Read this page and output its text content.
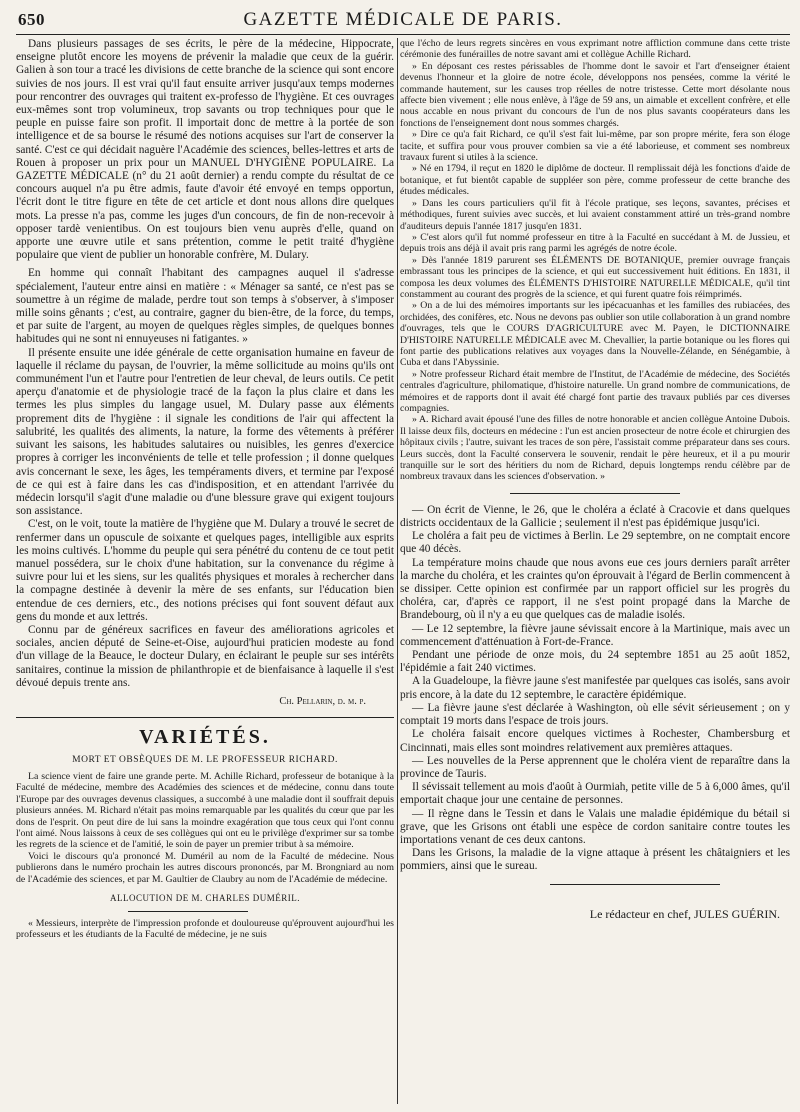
650	GAZETTE MÉDICALE DE PARIS.

Dans plusieurs passages de ses écrits, le père de la médecine, Hippocrate, enseigne plutôt encore les moyens de prévenir la maladie que ceux de la guérir. Galien à son tour a tracé les divisions de cette branche de la science qui sont encore suivies de nos jours. Il est vrai qu'il faut ensuite arriver jusqu'aux temps modernes pour rencontrer des ouvrages qui traitent ex-professo de l'hygiène. Et ces ouvrages eux-mêmes sont trop volumineux, trop savants ou trop techniques pour que le peuple en puisse faire son profit. Il importait donc de mettre à la portée de son intelligence et de sa bourse le résumé des notions acquises sur l'art de conserver la santé. C'est ce qui décidait naguère l'Académie des sciences, belles-lettres et arts de Rouen à proposer un prix pour un MANUEL D'HYGIÈNE POPULAIRE. La GAZETTE MÉDICALE (n° du 21 août dernier) a rendu compte du résultat de ce concours auquel n'a pu être admis, faute d'avoir été envoyé en temps opportun, l'écrit dont le titre figure en tête de cet article et dont nous allons dire quelques mots. La presse n'a pas, comme les juges d'un concours, de fin de non-recevoir à opposer tardè venientibus. On est toujours bien venu auprès d'elle, quand on apporte une œuvre utile et sans prétention, comme le petit traité d'hygiène populaire que vient de publier un honorable confrère, M. Dulary.

En homme qui connaît l'habitant des campagnes auquel il s'adresse spécialement, l'auteur entre ainsi en matière : « Ménager sa santé, ce n'est pas se soumettre à un régime de malade, perdre tout son temps à s'observer, à s'imposer mille soins gênants ; c'est, au contraire, gagner du bien-être, de la force, du temps, et par suite de l'argent, au moyen de quelques règles simples, de quelques bonnes habitudes qui ne sont ni ennuyeuses ni fatigantes. »

Il présente ensuite une idée générale de cette organisation humaine en faveur de laquelle il réclame du paysan, de l'ouvrier, la même sollicitude au moins qu'ils ont communément l'un et l'autre pour l'entretien de leur cheval, de leurs outils. Ce petit aperçu d'anatomie et de physiologie tracé de la façon la plus claire et dans les termes les plus simples du langage usuel, M. Dulary passe aux éléments proprement dits de l'hygiène : il signale les conditions de l'air qui affectent la salubrité, les qualités des aliments, la nature, la forme des vêtements à préférer suivant les saisons, les habitudes salutaires ou nuisibles, les genres d'exercice propres à corriger les inconvénients de telle et telle profession ; il donne quelques avis concernant le sexe, les âges, les tempéraments divers, et termine par l'exposé de ce qui est à faire dans les cas d'indisposition, et en attendant l'arrivée du médecin lorsqu'il s'agit d'une maladie ou d'une blessure grave qui exigent toujours son assistance.

C'est, on le voit, toute la matière de l'hygiène que M. Dulary a trouvé le secret de renfermer dans un opuscule de soixante et quelques pages, intelligible aux esprits les moins cultivés. L'homme du peuple qui sera pénétré du contenu de ce tout petit manuel possédera, sur le choix d'une habitation, sur la convenance du régime à suivre pour lui et les siens, sur les qualités physiques et morales à rechercher dans la compagne destinée à devenir la mère de ses enfants, sur l'éducation bien entendue de ces derniers, etc., des notions précises qui font souvent défaut aux gens du monde et aux lettrés.

Connu par de généreux sacrifices en faveur des améliorations agricoles et sociales, ancien député de Seine-et-Oise, aujourd'hui praticien modeste au fond d'un village de la Beauce, le docteur Dulary, en éclairant le peuple sur ses intérêts sanitaires, continue la mission de philanthropie et de bienfaisance à laquelle il s'est dévoué depuis trente ans.

Ch. Pellarin, d. m. p.
VARIÉTÉS.
MORT ET OBSÈQUES DE M. LE PROFESSEUR RICHARD.

La science vient de faire une grande perte. M. Achille Richard, professeur de botanique à la Faculté de médecine, membre des Académies des sciences et de médecine, connu dans toute l'Europe par des ouvrages devenus classiques, a succombé à une maladie dont il souffrait depuis plusieurs années. M. Richard n'était pas moins remarquable par les qualités du cœur que par les dons de l'esprit. On peut dire de lui sans la moindre exagération que tous ceux qui l'ont connu l'ont aimé. Nous laissons à ceux de ses collègues qui ont eu le privilège d'exprimer sur sa tombe les regrets de la science et de l'amitié, le soin de payer un premier tribut à sa mémoire.

Voici le discours qu'a prononcé M. Duméril au nom de la Faculté de médecine. Nous publierons dans le numéro prochain les autres discours prononcés, par M. Brongniard au nom de l'Académie des sciences, et par M. Gaultier de Claubry au nom de l'Académie de médecine.

ALLOCUTION DE M. CHARLES DUMÉRIL.

« Messieurs, interprète de l'impression profonde et douloureuse qu'éprouvent aujourd'hui les professeurs et les étudiants de la Faculté de médecine, je ne suis

que l'écho de leurs regrets sincères en vous exprimant notre affliction commune dans cette triste cérémonie des funérailles de notre savant ami et collègue Achille Richard.

» En déposant ces restes périssables de l'homme dont le savoir et l'art d'enseigner étaient devenus l'honneur et la gloire de notre école, développons nos pensées, comme la vérité le commande hautement, sur les causes trop réelles de notre tristesse. Cette mort désolante nous affecte bien vivement ; elle nous enlève, à l'âge de 59 ans, un aimable et excellent confrère, et elle nous accable en nous privant du concours de l'un de nos plus savants coopérateurs dans les fonctions de l'enseignement dont nous sommes chargés.

» Dire ce qu'a fait Richard, ce qu'il s'est fait lui-même, par son propre mérite, fera son éloge tacite, et suffira pour vous prouver combien sa vie a été laborieuse, et comment ses nombreux travaux furent si utiles à la science.

» Né en 1794, il reçut en 1820 le diplôme de docteur. Il remplissait déjà les fonctions d'aide de botanique, et fut bientôt capable de suppléer son père, comme professeur de cette branche des études médicales.

» Dans les cours particuliers qu'il fit à l'école pratique, ses leçons, savantes, précises et méthodiques, furent suivies avec succès, et lui avaient constamment attiré un très-grand nombre d'auditeurs depuis l'année 1817 jusqu'en 1831.

» C'est alors qu'il fut nommé professeur en titre à la Faculté en succédant à M. de Jussieu, et depuis trois ans déjà il avait pris rang parmi les agrégés de notre école.

» Dès l'année 1819 parurent ses ÉLÉMENTS DE BOTANIQUE, premier ouvrage français embrassant tous les principes de la science, et qui eut successivement huit éditions. En 1831, il composa les deux volumes des ÉLÉMENTS D'HISTOIRE NATURELLE MÉDICALE, qu'il tint constamment au courant des progrès de la science, et qui furent quatre fois réimprimés.

» On a de lui des mémoires importants sur les ipécacuanhas et les familles des rubiacées, des orchidées, des conifères, etc. Nous ne devons pas oublier son utile collaboration à un grand nombre d'ouvrages, tels que le COURS D'AGRICULTURE avec M. Payen, le DICTIONNAIRE D'HISTOIRE NATURELLE MÉDICALE avec M. Chevallier, la partie botanique ou les flores qui font partie des publications relatives aux voyages dans la Nouvelle-Zélande, en Sénégambie, à Cuba et dans l'Abyssinie.

» Notre professeur Richard était membre de l'Institut, de l'Académie de médecine, des Sociétés centrales d'agriculture, philomatique, d'histoire naturelle. Un grand nombre de communications, de mémoires et de rapports dont il avait été chargé font partie des travaux publiés par ces diverses compagnies.

» A. Richard avait épousé l'une des filles de notre honorable et ancien collègue Antoine Dubois. Il laisse deux fils, docteurs en médecine : l'un est ancien prosecteur de notre école et chirurgien des hôpitaux civils ; l'autre, suivant les traces de son père, l'assistait comme préparateur dans ses cours. Leurs succès, dont la Faculté conservera le souvenir, rendait le père heureux, et il a pu mourir tranquille sur le sort des héritiers du nom de Richard, depuis longtemps rendu célèbre par de nombreux travaux dans les sciences d'observation. »

— On écrit de Vienne, le 26, que le choléra a éclaté à Cracovie et dans quelques districts occidentaux de la Gallicie ; seulement il n'est pas épidémique jusqu'ici.

Le choléra a fait peu de victimes à Berlin. Le 29 septembre, on ne comptait encore que 40 décès.

La température moins chaude que nous avons eue ces jours derniers paraît arrêter la marche du choléra, et les craintes qu'on éprouvait à l'égard de Berlin commencent à se dissiper. Cette opinion est confirmée par un rapport officiel sur les progrès du choléra, car, d'après ce rapport, il ne s'est point propagé dans la Marche de Brandebourg, où il n'y a eu que quelques cas de maladie isolés.

— Le 12 septembre, la fièvre jaune sévissait encore à la Martinique, mais avec un commencement d'atténuation à Fort-de-France.

Pendant une période de onze mois, du 24 septembre 1851 au 25 août 1852, l'épidémie a fait 240 victimes.

A la Guadeloupe, la fièvre jaune s'est manifestée par quelques cas isolés, sans avoir pris encore, à la date du 12 septembre, le caractère épidémique.

— La fièvre jaune s'est déclarée à Washington, où elle sévit sérieusement ; on y comptait 19 morts dans l'espace de trois jours.

Le choléra faisait encore quelques victimes à Rochester, Chambersburg et Cincinnati, mais elles sont moindres relativement aux premières attaques.

— Les nouvelles de la Perse apprennent que le choléra vient de reparaître dans la province de Tauris.

Il sévissait tellement au mois d'août à Ourmiah, petite ville de 5 à 6,000 âmes, qu'il emportait chaque jour une centaine de personnes.

— Il règne dans le Tessin et dans le Valais une maladie épidémique du bétail si grave, que les Grisons ont établi une espèce de cordon sanitaire contre toutes les importations venant de ces deux cantons.

Dans les Grisons, la maladie de la vigne attaque à présent les châtaigniers et les pommiers, ainsi que le sureau.

Le rédacteur en chef, JULES GUÉRIN.
